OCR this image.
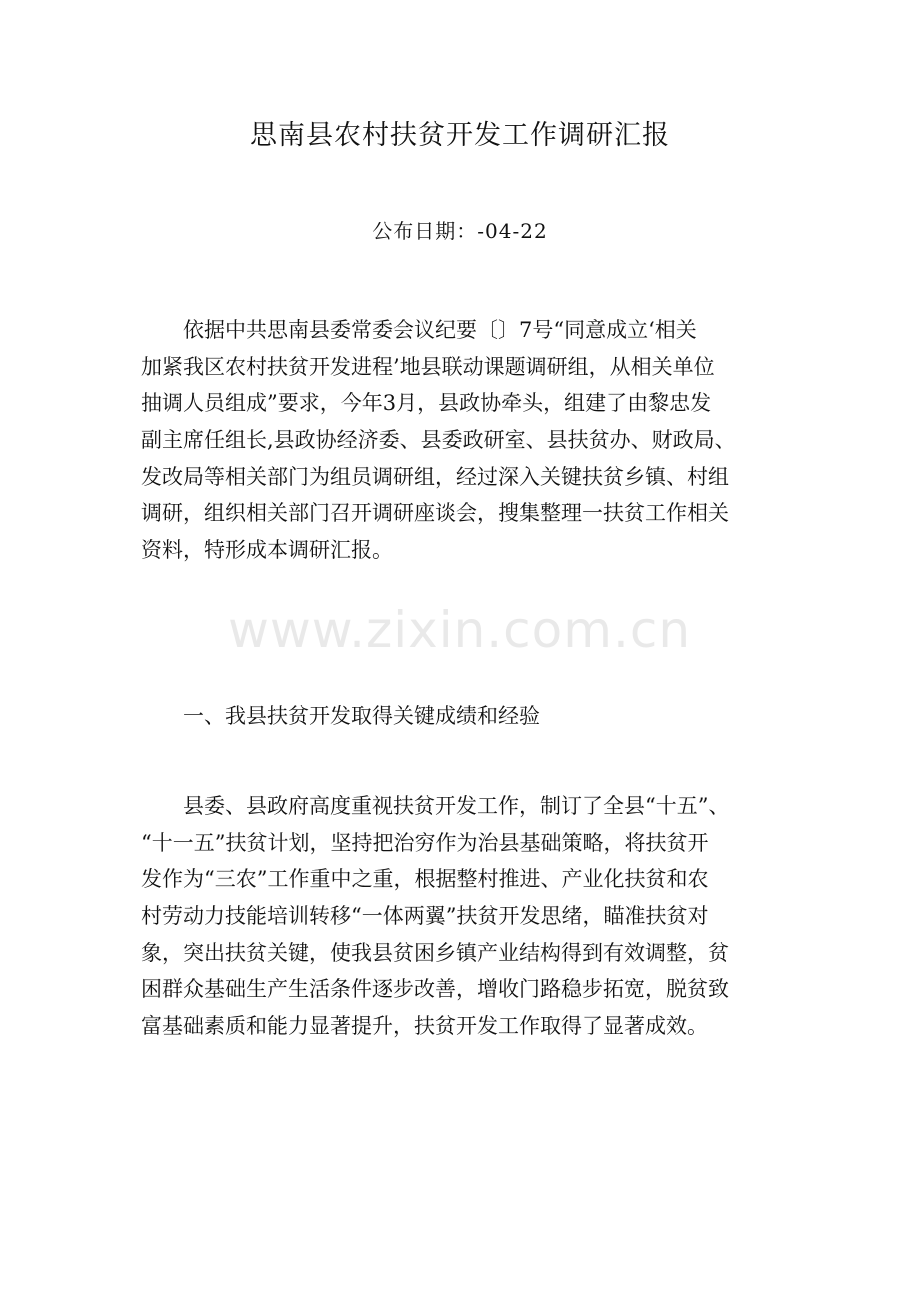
思南县农村扶贫开发工作调研汇报
公布日期：-04-22
依据中共思南县委常委会议纪要〔〕7号“同意成立‘相关
加紧我区农村扶贫开发进程’地县联动课题调研组，从相关单位
抽调人员组成”要求，今年3月，县政协牵头，组建了由黎忠发
副主席任组长,县政协经济委、县委政研室、县扶贫办、财政局、
发改局等相关部门为组员调研组，经过深入关键扶贫乡镇、村组
调研，组织相关部门召开调研座谈会，搜集整理一扶贫工作相关
资料，特形成本调研汇报。
www.zixin.com.cn
一、我县扶贫开发取得关键成绩和经验
县委、县政府高度重视扶贫开发工作，制订了全县“十五”、
“十一五”扶贫计划，坚持把治穷作为治县基础策略，将扶贫开
发作为“三农”工作重中之重，根据整村推进、产业化扶贫和农
村劳动力技能培训转移“一体两翼”扶贫开发思绪，瞄准扶贫对
象，突出扶贫关键，使我县贫困乡镇产业结构得到有效调整，贫
困群众基础生产生活条件逐步改善，增收门路稳步拓宽，脱贫致
富基础素质和能力显著提升，扶贫开发工作取得了显著成效。
